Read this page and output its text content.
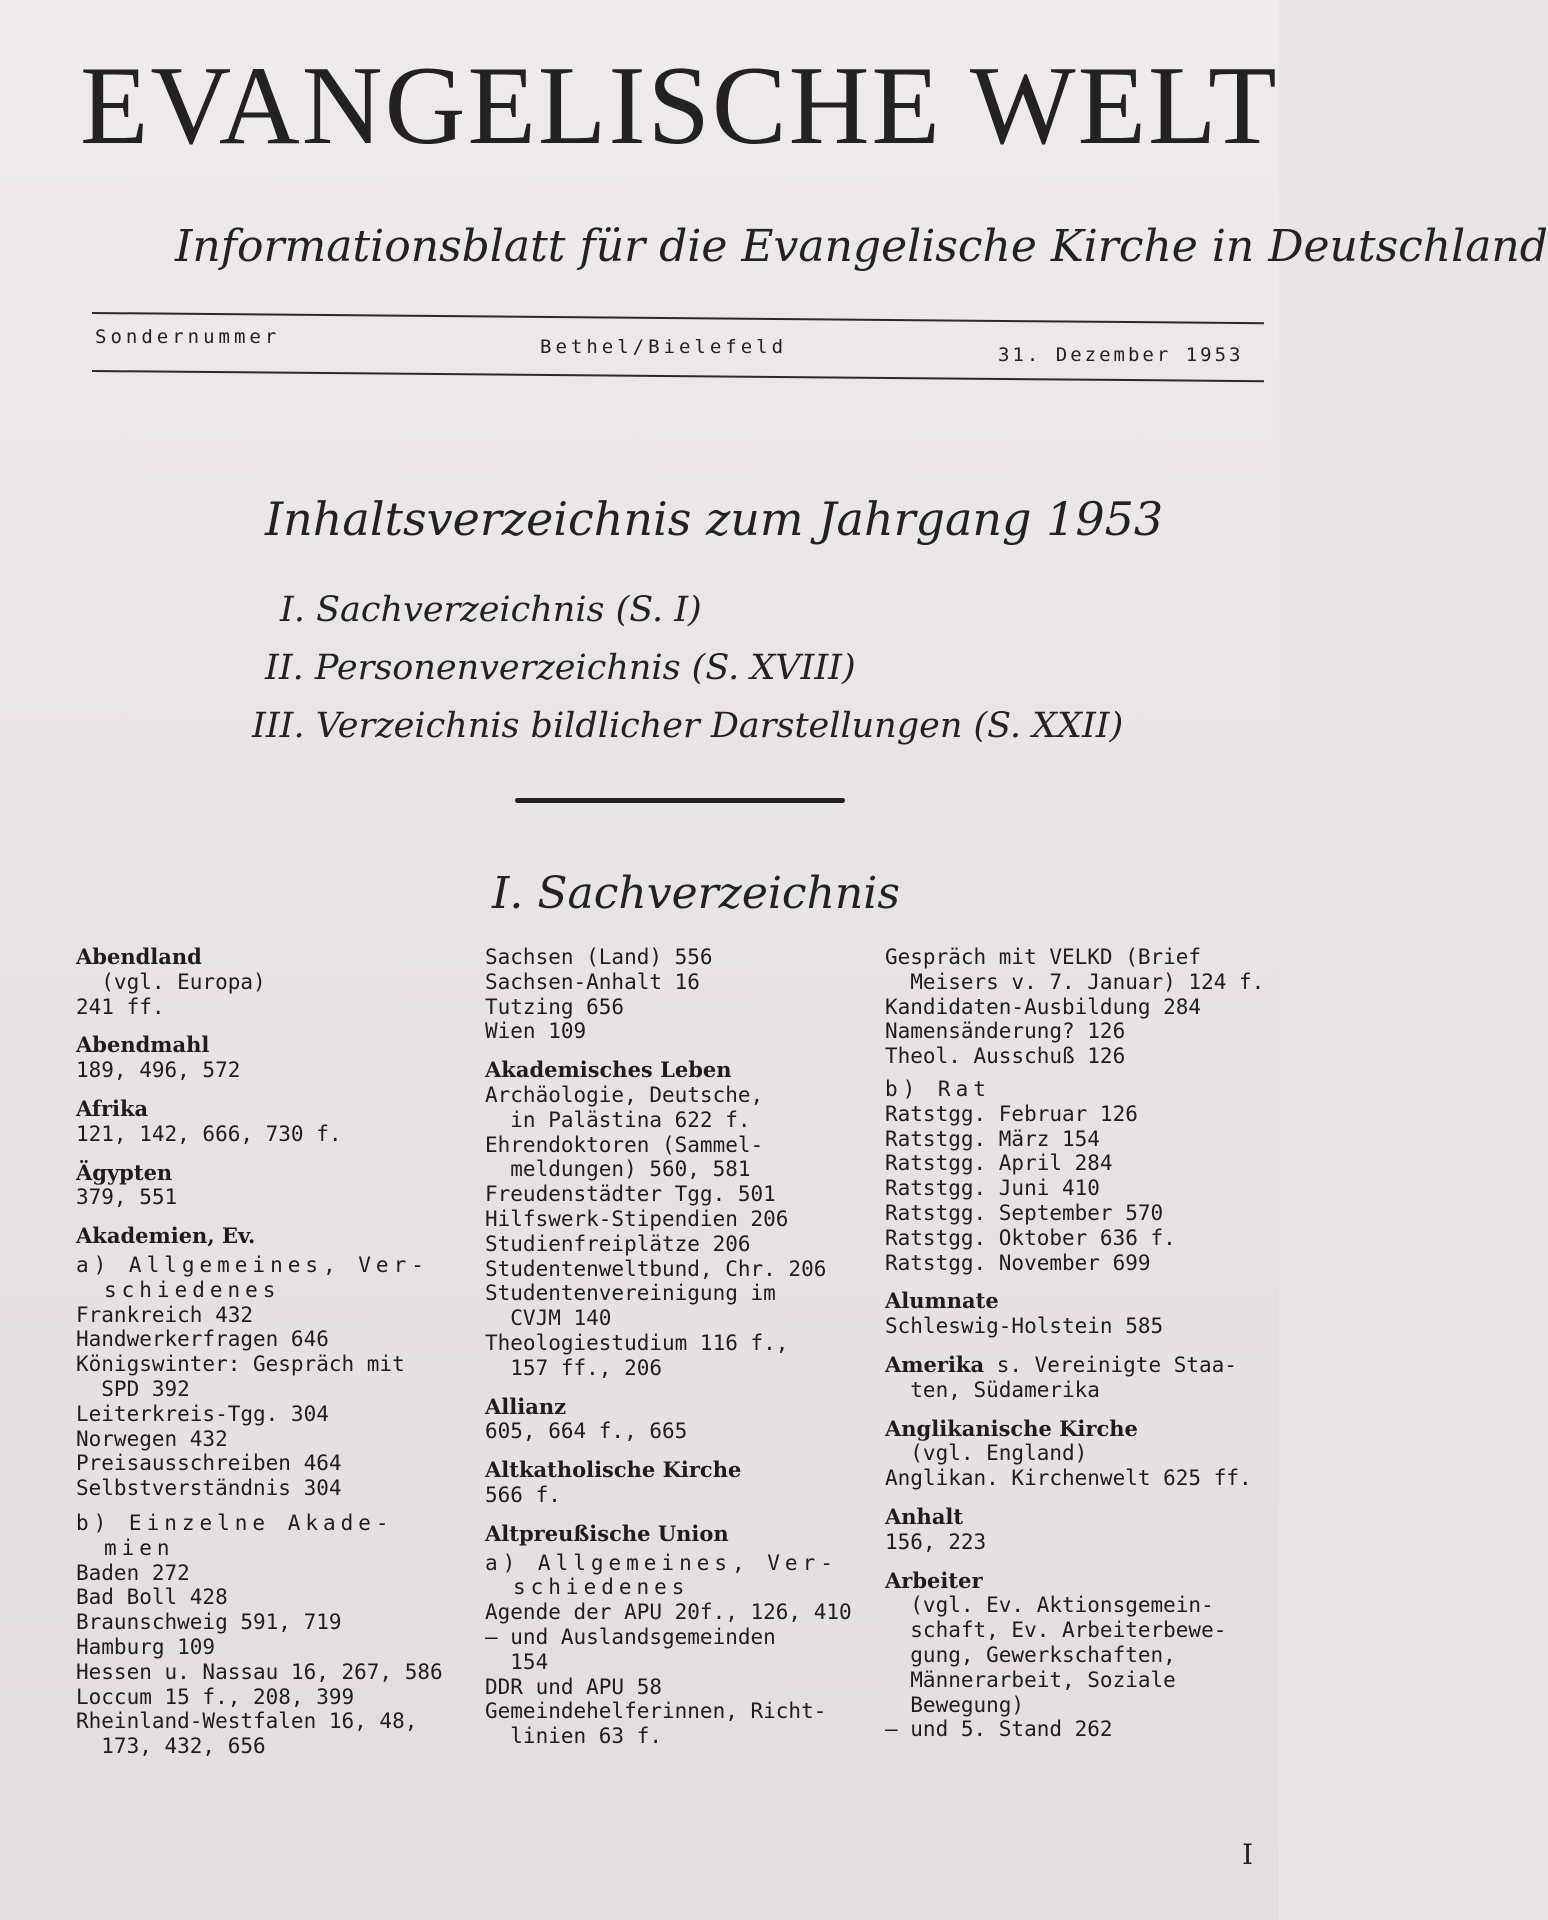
EVANGELISCHE WELT
Informationsblatt für die Evangelische Kirche in Deutschland
Sondernummer	Bethel/Bielefeld	31. Dezember 1953
Inhaltsverzeichnis zum Jahrgang 1953
I. Sachverzeichnis (S. I)
II. Personenverzeichnis (S. XVIII)
III. Verzeichnis bildlicher Darstellungen (S. XXII)
I. Sachverzeichnis
Abendland
(vgl. Europa)
241 ff.
Abendmahl
189, 496, 572
Afrika
121, 142, 666, 730 f.
Ägypten
379, 551
Akademien, Ev.
a) Allgemeines, Ver-
schiedenes
Frankreich 432
Handwerkerfragen 646
Königswinter: Gespräch mit
SPD 392
Leiterkreis-Tgg. 304
Norwegen 432
Preisausschreiben 464
Selbstverständnis 304
b) Einzelne Akade-
mien
Baden 272
Bad Boll 428
Braunschweig 591, 719
Hamburg 109
Hessen u. Nassau 16, 267, 586
Loccum 15 f., 208, 399
Rheinland-Westfalen 16, 48,
173, 432, 656
Sachsen (Land) 556
Sachsen-Anhalt 16
Tutzing 656
Wien 109
Akademisches Leben
Archäologie, Deutsche,
in Palästina 622 f.
Ehrendoktoren (Sammel-
meldungen) 560, 581
Freudenstädter Tgg. 501
Hilfswerk-Stipendien 206
Studienfreiplätze 206
Studentenweltbund, Chr. 206
Studentenvereinigung im
CVJM 140
Theologiestudium 116 f.,
157 ff., 206
Allianz
605, 664 f., 665
Altkatholische Kirche
566 f.
Altpreußische Union
a) Allgemeines, Ver-
schiedenes
Agende der APU 20f., 126, 410
— und Auslandsgemeinden
154
DDR und APU 58
Gemeindehelferinnen, Richt-
linien 63 f.
Gespräch mit VELKD (Brief
Meisers v. 7. Januar) 124 f.
Kandidaten-Ausbildung 284
Namensänderung? 126
Theol. Ausschuß 126
b) Rat
Ratstgg. Februar 126
Ratstgg. März 154
Ratstgg. April 284
Ratstgg. Juni 410
Ratstgg. September 570
Ratstgg. Oktober 636 f.
Ratstgg. November 699
Alumnate
Schleswig-Holstein 585
Amerika s. Vereinigte Staa-
ten, Südamerika
Anglikanische Kirche
(vgl. England)
Anglikan. Kirchenwelt 625 ff.
Anhalt
156, 223
Arbeiter
(vgl. Ev. Aktionsgemein-
schaft, Ev. Arbeiterbewe-
gung, Gewerkschaften,
Männerarbeit, Soziale
Bewegung)
— und 5. Stand 262
I
